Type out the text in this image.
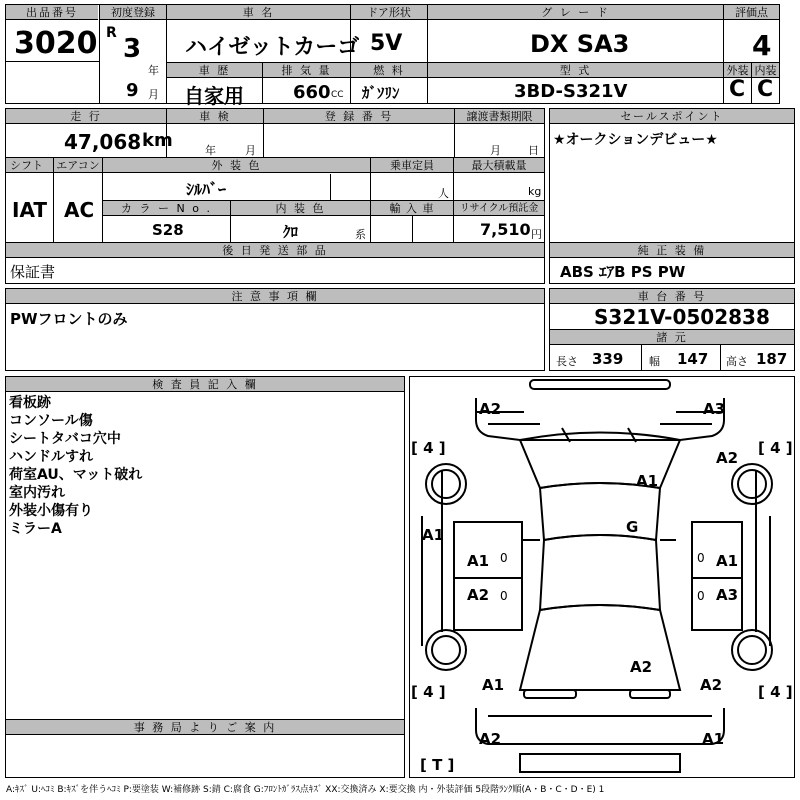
出品番号
3020
初度登録
R
3
年
9 月
車 名
ハイゼットカーゴ
ドア形状
5V
グ レ ー ド
DX SA3
評価点
4
車 歴
自家用
排 気 量
660 CC
燃 料
ｶﾞｿﾘﾝ
型 式
3BD-S321V
外装 内装
C C
走 行
47,068 km
車 検
年	月
登 録 番 号	譲渡書類期限
月 日
シフト
IAT
エアコン
AC
外 装 色
ｼﾙﾊﾞｰ
乗車定員
人
最大積載量
kg
カ ラ ー N o .
S28
内 装 色
ｸﾛ	系
輸 入 車	リサイクル預託金
7,510 円
後 日 発 送 部 品
保証書
セールスポイント
★オークションデビュー★
純 正 装 備
ABS ｴｱB PS PW
注 意 事 項 欄
PWフロントのみ
車 台 番 号
S321V-0502838
諸 元
長さ 339 幅 147 高さ 187
検 査 員 記 入 欄
看板跡
コンソール傷
シートタバコ穴中
ハンドルすれ
荷室AU、マット破れ
室内汚れ
外装小傷有り
ミラーA
事 務 局 よ り ご 案 内
A2	A3
[ 4 ]	[ 4 ]
A2
A1
G
A1
A1	A1
A2	A3
A2
A1	A2
[ 4 ]	[ 4 ]
A2	A1
[ T ]
0	0
0	0
A:ｷｽﾞ U:ﾍｺﾐ B:ｷｽﾞを伴うﾍｺﾐ P:要塗装 W:補修跡 S:錆 C:腐食 G:ﾌﾛﾝﾄｶﾞﾗｽ点ｷｽﾞ XX:交換済み X:要交換 内・外装評価 5段階ﾗﾝｸ順(A・B・C・D・E) 1
